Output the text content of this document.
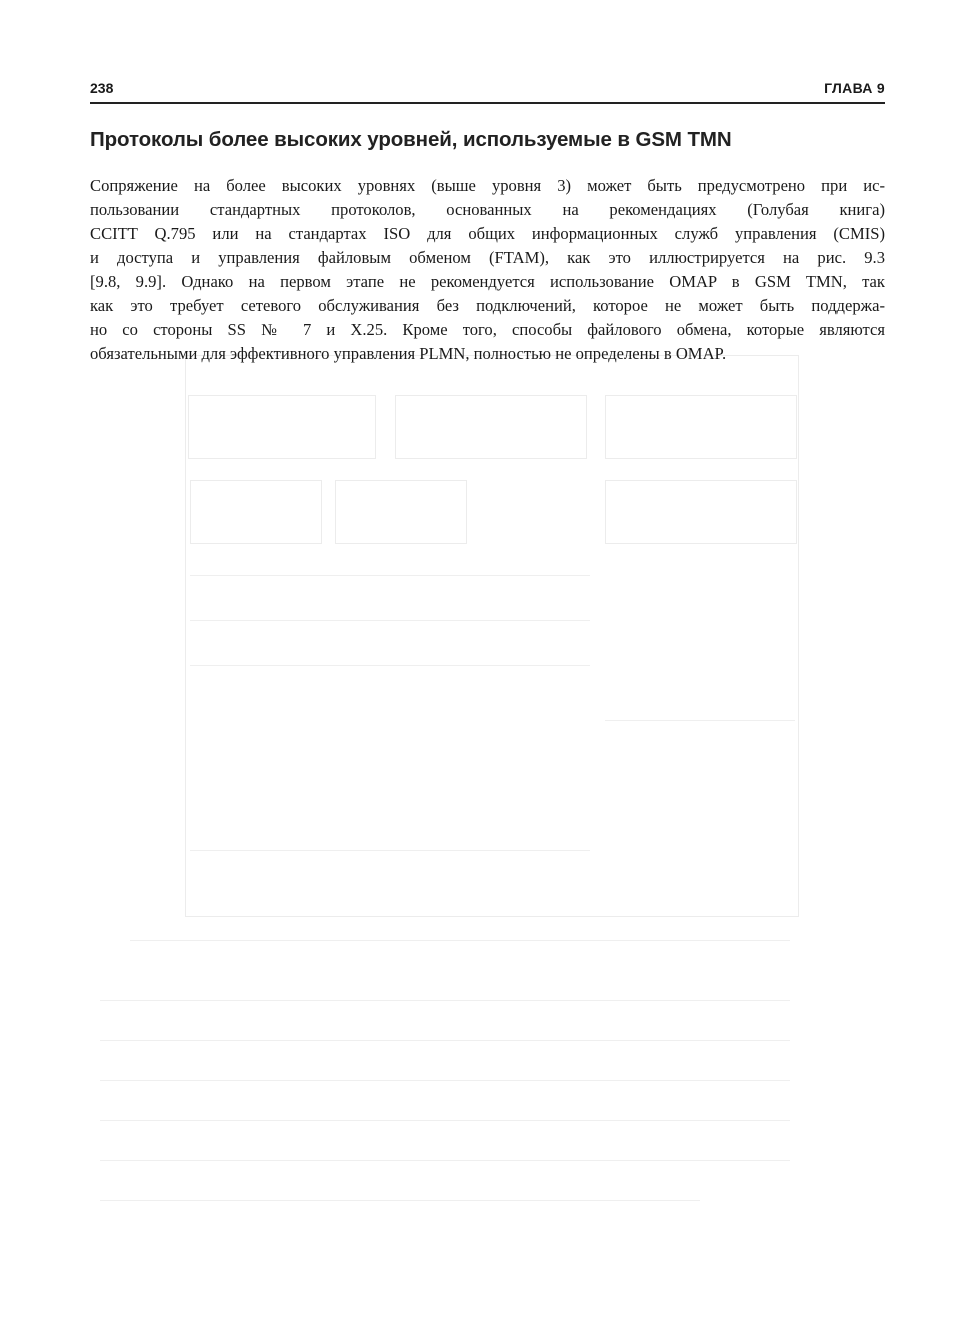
238	ГЛАВА 9
Протоколы более высоких уровней, используемые в GSM TMN
Сопряжение на более высоких уровнях (выше уровня 3) может быть предусмотрено при ис-
пользовании стандартных протоколов, основанных на рекомендациях (Голубая книга)
CCITT Q.795 или на стандартах ISO для общих информационных служб управления (CMIS)
и доступа и управления файловым обменом (FTAM), как это иллюстрируется на рис. 9.3
[9.8, 9.9]. Однако на первом этапе не рекомендуется использование OMAP в GSM TMN, так
как это требует сетевого обслуживания без подключений, которое не может быть поддержа-
но со стороны SS № 7 и X.25. Кроме того, способы файлового обмена, которые являются
обязательными для эффективного управления PLMN, полностью не определены в OMAP.
